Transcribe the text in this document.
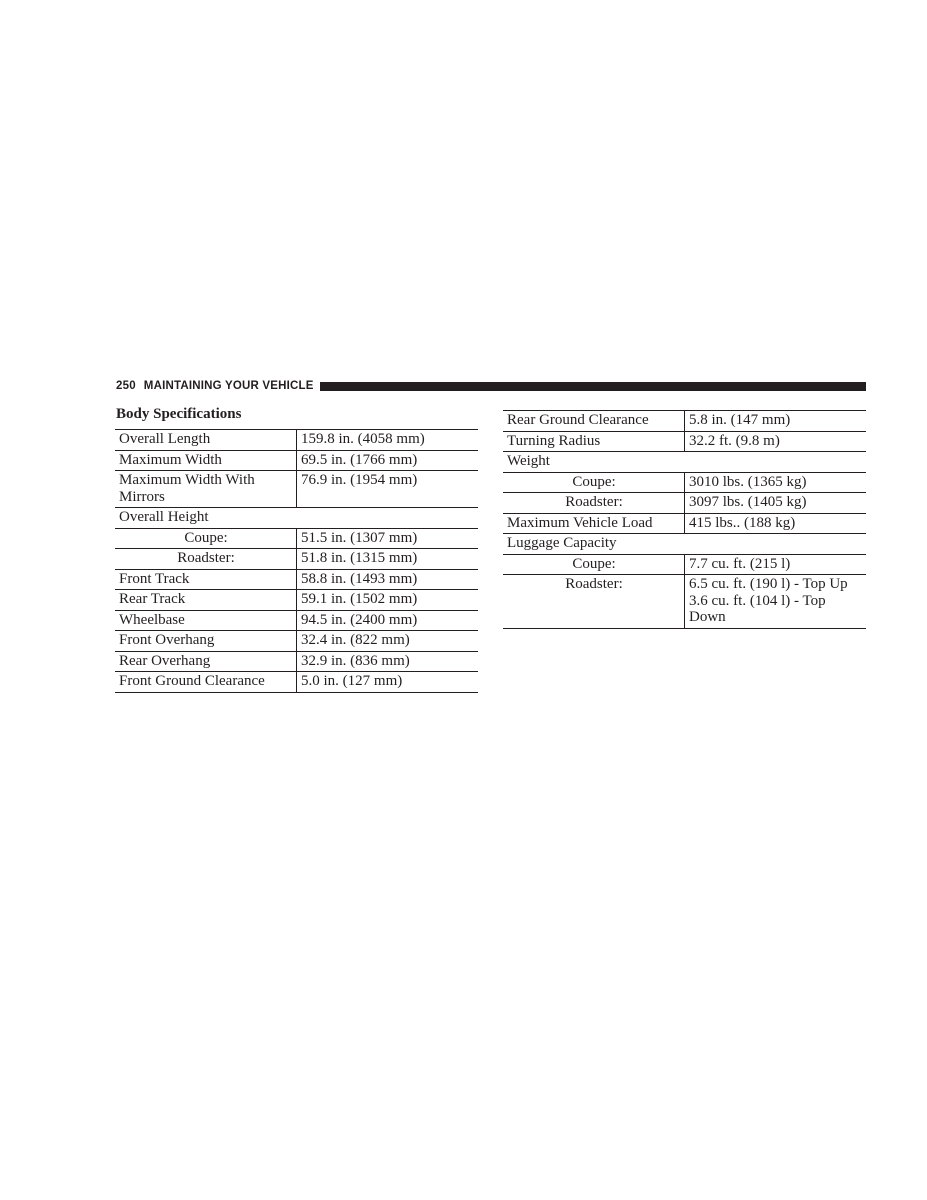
250 MAINTAINING YOUR VEHICLE
Body Specifications
Overall Length	159.8 in. (4058 mm)
Maximum Width	69.5 in. (1766 mm)
Maximum Width With Mirrors	76.9 in. (1954 mm)
Overall Height	
Coupe:	51.5 in. (1307 mm)
Roadster:	51.8 in. (1315 mm)
Front Track	58.8 in. (1493 mm)
Rear Track	59.1 in. (1502 mm)
Wheelbase	94.5 in. (2400 mm)
Front Overhang	32.4 in. (822 mm)
Rear Overhang	32.9 in. (836 mm)
Front Ground Clearance	5.0 in. (127 mm)
Rear Ground Clearance	5.8 in. (147 mm)
Turning Radius	32.2 ft. (9.8 m)
Weight	
Coupe:	3010 lbs. (1365 kg)
Roadster:	3097 lbs. (1405 kg)
Maximum Vehicle Load	415 lbs.. (188 kg)
Luggage Capacity	
Coupe:	7.7 cu. ft. (215 l)
Roadster:	6.5 cu. ft. (190 l) - Top Up
3.6 cu. ft. (104 l) - Top Down
